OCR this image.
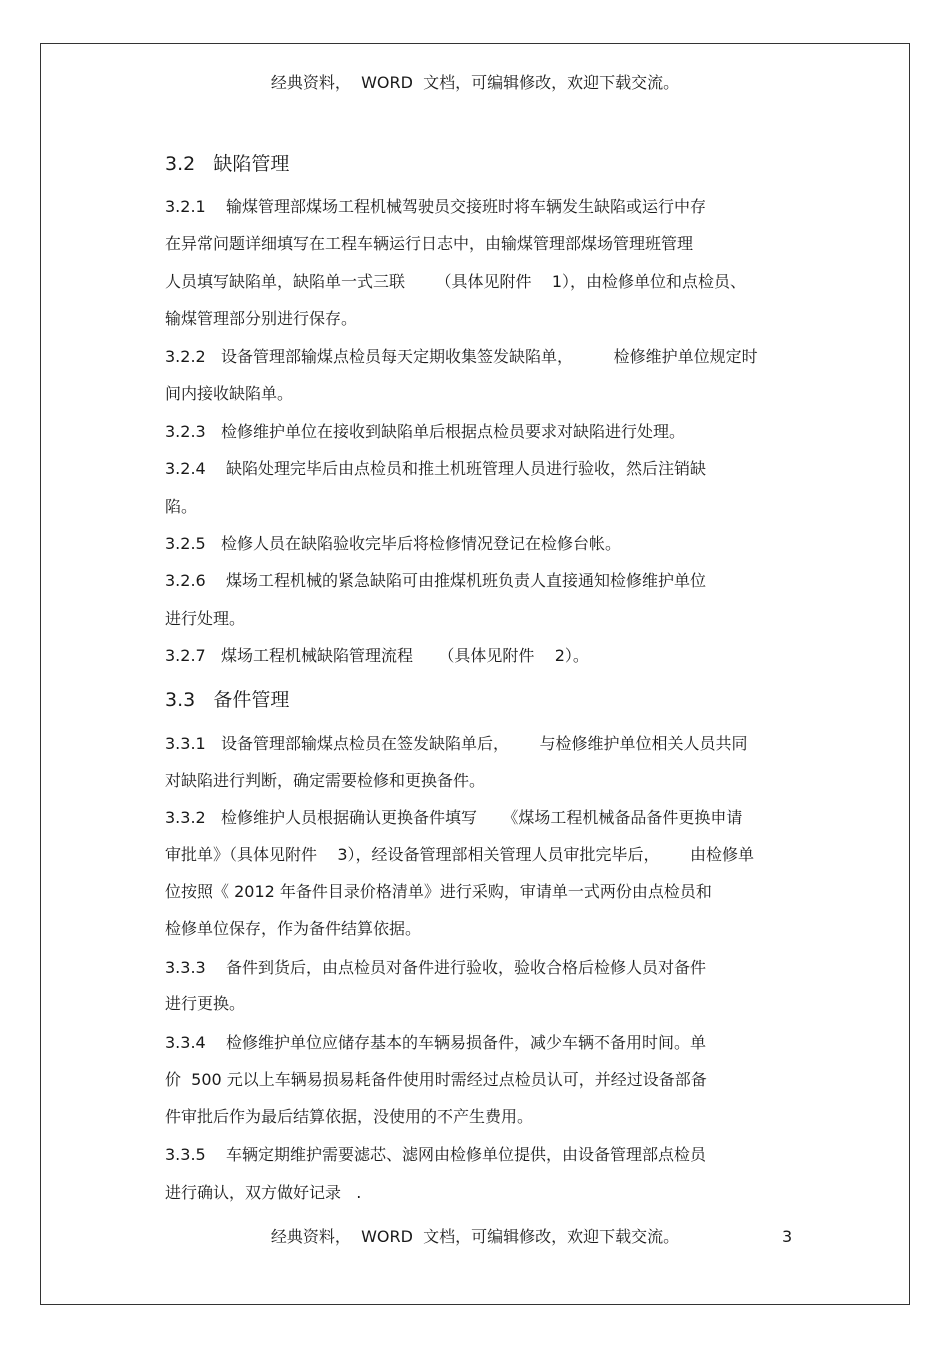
经典资料，  WORD  文档，可编辑修改，欢迎下载交流。
3.2   缺陷管理
3.2.1    输煤管理部煤场工程机械驾驶员交接班时将车辆发生缺陷或运行中存
在异常问题详细填写在工程车辆运行日志中，由输煤管理部煤场管理班管理
人员填写缺陷单，缺陷单一式三联      （具体见附件    1），由检修单位和点检员、
输煤管理部分别进行保存。
3.2.2   设备管理部输煤点检员每天定期收集签发缺陷单，        检修维护单位规定时
间内接收缺陷单。
3.2.3   检修维护单位在接收到缺陷单后根据点检员要求对缺陷进行处理。
3.2.4    缺陷处理完毕后由点检员和推土机班管理人员进行验收，然后注销缺
陷。
3.2.5   检修人员在缺陷验收完毕后将检修情况登记在检修台帐。
3.2.6    煤场工程机械的紧急缺陷可由推煤机班负责人直接通知检修维护单位
进行处理。
3.2.7   煤场工程机械缺陷管理流程     （具体见附件    2）。
3.3   备件管理
3.3.1   设备管理部输煤点检员在签发缺陷单后，      与检修维护单位相关人员共同
对缺陷进行判断，确定需要检修和更换备件。
3.3.2   检修维护人员根据确认更换备件填写     《煤场工程机械备品备件更换申请
审批单》（具体见附件    3），经设备管理部相关管理人员审批完毕后，      由检修单
位按照《 2012 年备件目录价格清单》进行采购，审请单一式两份由点检员和
检修单位保存，作为备件结算依据。
3.3.3    备件到货后，由点检员对备件进行验收，验收合格后检修人员对备件
进行更换。
3.3.4    检修维护单位应储存基本的车辆易损备件，减少车辆不备用时间。单
价  500 元以上车辆易损易耗备件使用时需经过点检员认可，并经过设备部备
件审批后作为最后结算依据，没使用的不产生费用。
3.3.5    车辆定期维护需要滤芯、滤网由检修单位提供，由设备管理部点检员
进行确认，双方做好记录   .
经典资料，  WORD  文档，可编辑修改，欢迎下载交流。	3
